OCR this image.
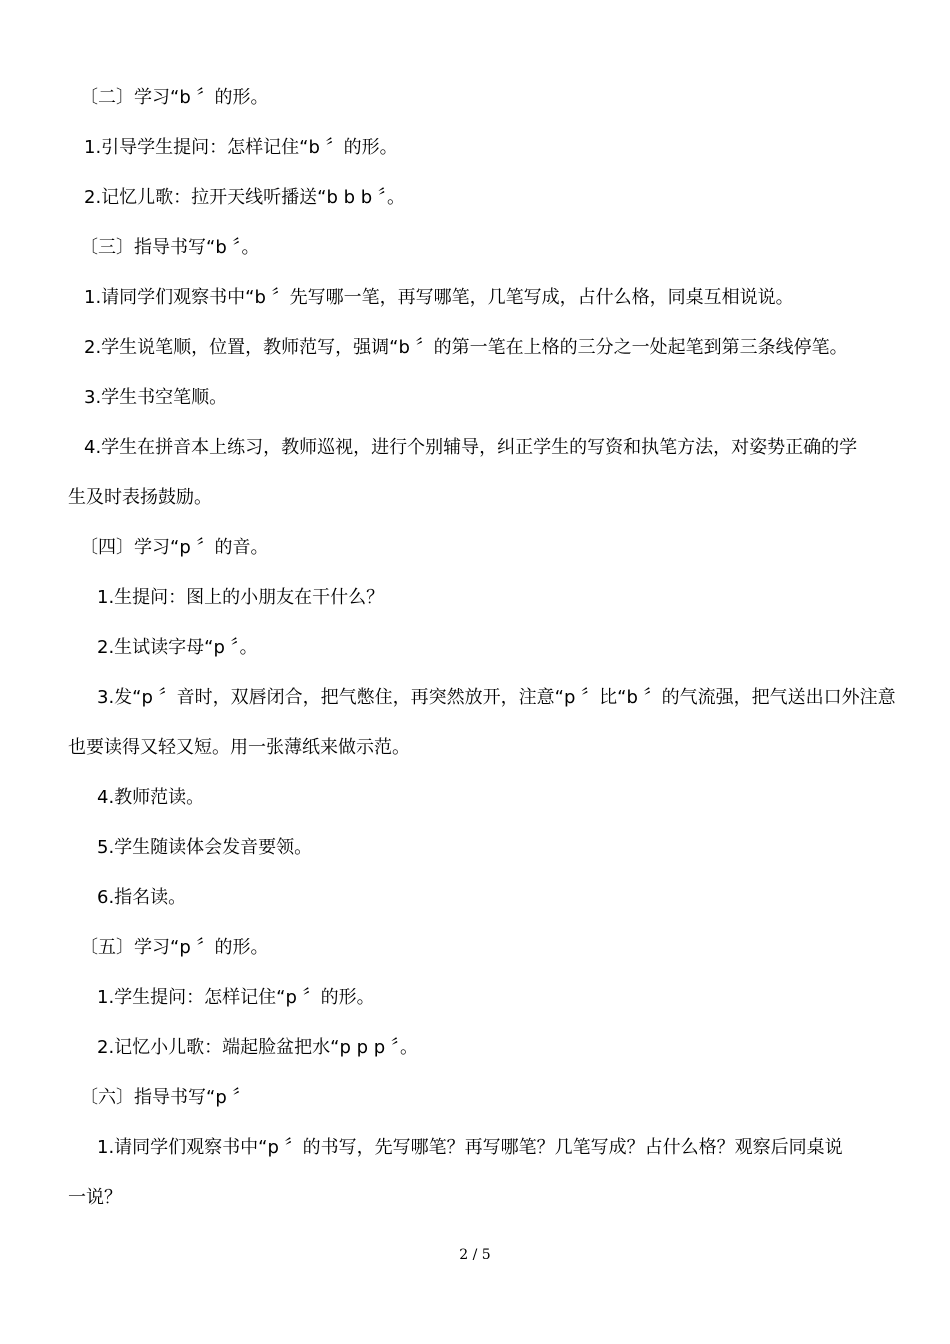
〔二〕学习“b 〞的形。
1.引导学生提问：怎样记住“b 〞的形。
2.记忆儿歌：拉开天线听播送“b b b 〞。
〔三〕指导书写“b 〞。
1.请同学们观察书中“b 〞先写哪一笔，再写哪笔，几笔写成，占什么格，同桌互相说说。
2.学生说笔顺，位置，教师范写，强调“b 〞的第一笔在上格的三分之一处起笔到第三条线停笔。
3.学生书空笔顺。
4.学生在拼音本上练习，教师巡视，进行个别辅导，纠正学生的写资和执笔方法，对姿势正确的学
生及时表扬鼓励。
〔四〕学习“p 〞的音。
1.生提问：图上的小朋友在干什么？
2.生试读字母“p 〞。
3.发“p 〞音时，双唇闭合，把气憋住，再突然放开，注意“p 〞比“b 〞的气流强，把气送出口外注意
也要读得又轻又短。用一张薄纸来做示范。
4.教师范读。
5.学生随读体会发音要领。
6.指名读。
〔五〕学习“p 〞的形。
1.学生提问：怎样记住“p 〞的形。
2.记忆小儿歌：端起脸盆把水“p p p 〞。
〔六〕指导书写“p 〞
1.请同学们观察书中“p 〞的书写，先写哪笔？再写哪笔？几笔写成？占什么格？观察后同桌说
一说？
2 / 5
